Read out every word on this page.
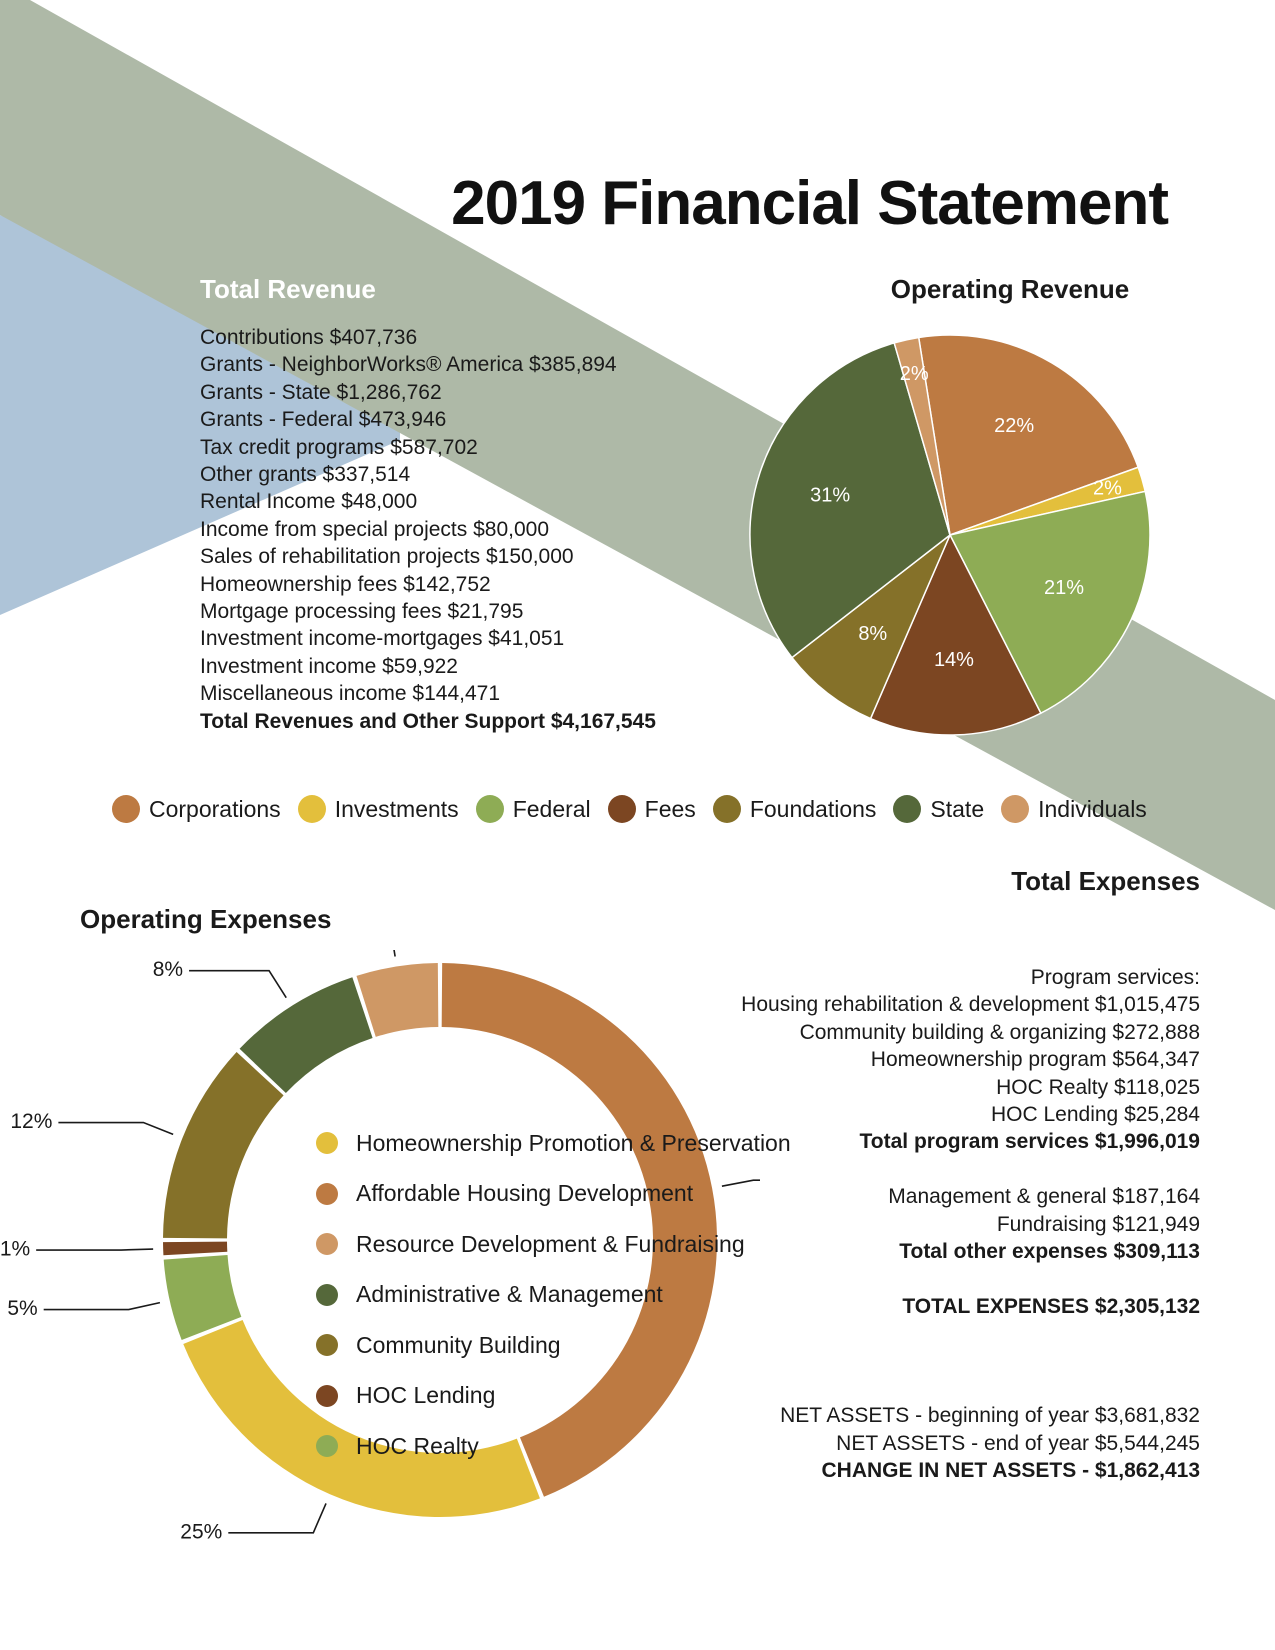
2019 Financial Statement
Total Revenue	Operating Revenue
Contributions $407,736
Grants - NeighborWorks® America $385,894
Grants - State $1,286,762
Grants - Federal $473,946
Tax credit programs $587,702
Other grants $337,514
Rental Income $48,000
Income from special projects $80,000
Sales of rehabilitation projects $150,000
Homeownership fees $142,752
Mortgage processing fees $21,795
Investment income-mortgages $41,051
Investment income $59,922
Miscellaneous income $144,471
Total Revenues and Other Support $4,167,545
22%
2%
21%
14%
8%
31%
2%
Corporations Investments Federal Fees Foundations State Individuals
Total Expenses
Operating Expenses
Program services:
Housing rehabilitation & development $1,015,475
Community building & organizing $272,888
Homeownership program $564,347
HOC Realty $118,025
HOC Lending $25,284
Total program services $1,996,019
Management & general $187,164
Fundraising $121,949
Total other expenses $309,113
TOTAL EXPENSES $2,305,132
NET ASSETS - beginning of year $3,681,832
NET ASSETS - end of year $5,544,245
CHANGE IN NET ASSETS - $1,862,413
25%
5%
1%
12%
8%
Homeownership Promotion & Preservation
Affordable Housing Development
Resource Development & Fundraising
Administrative & Management
Community Building
HOC Lending
HOC Realty
